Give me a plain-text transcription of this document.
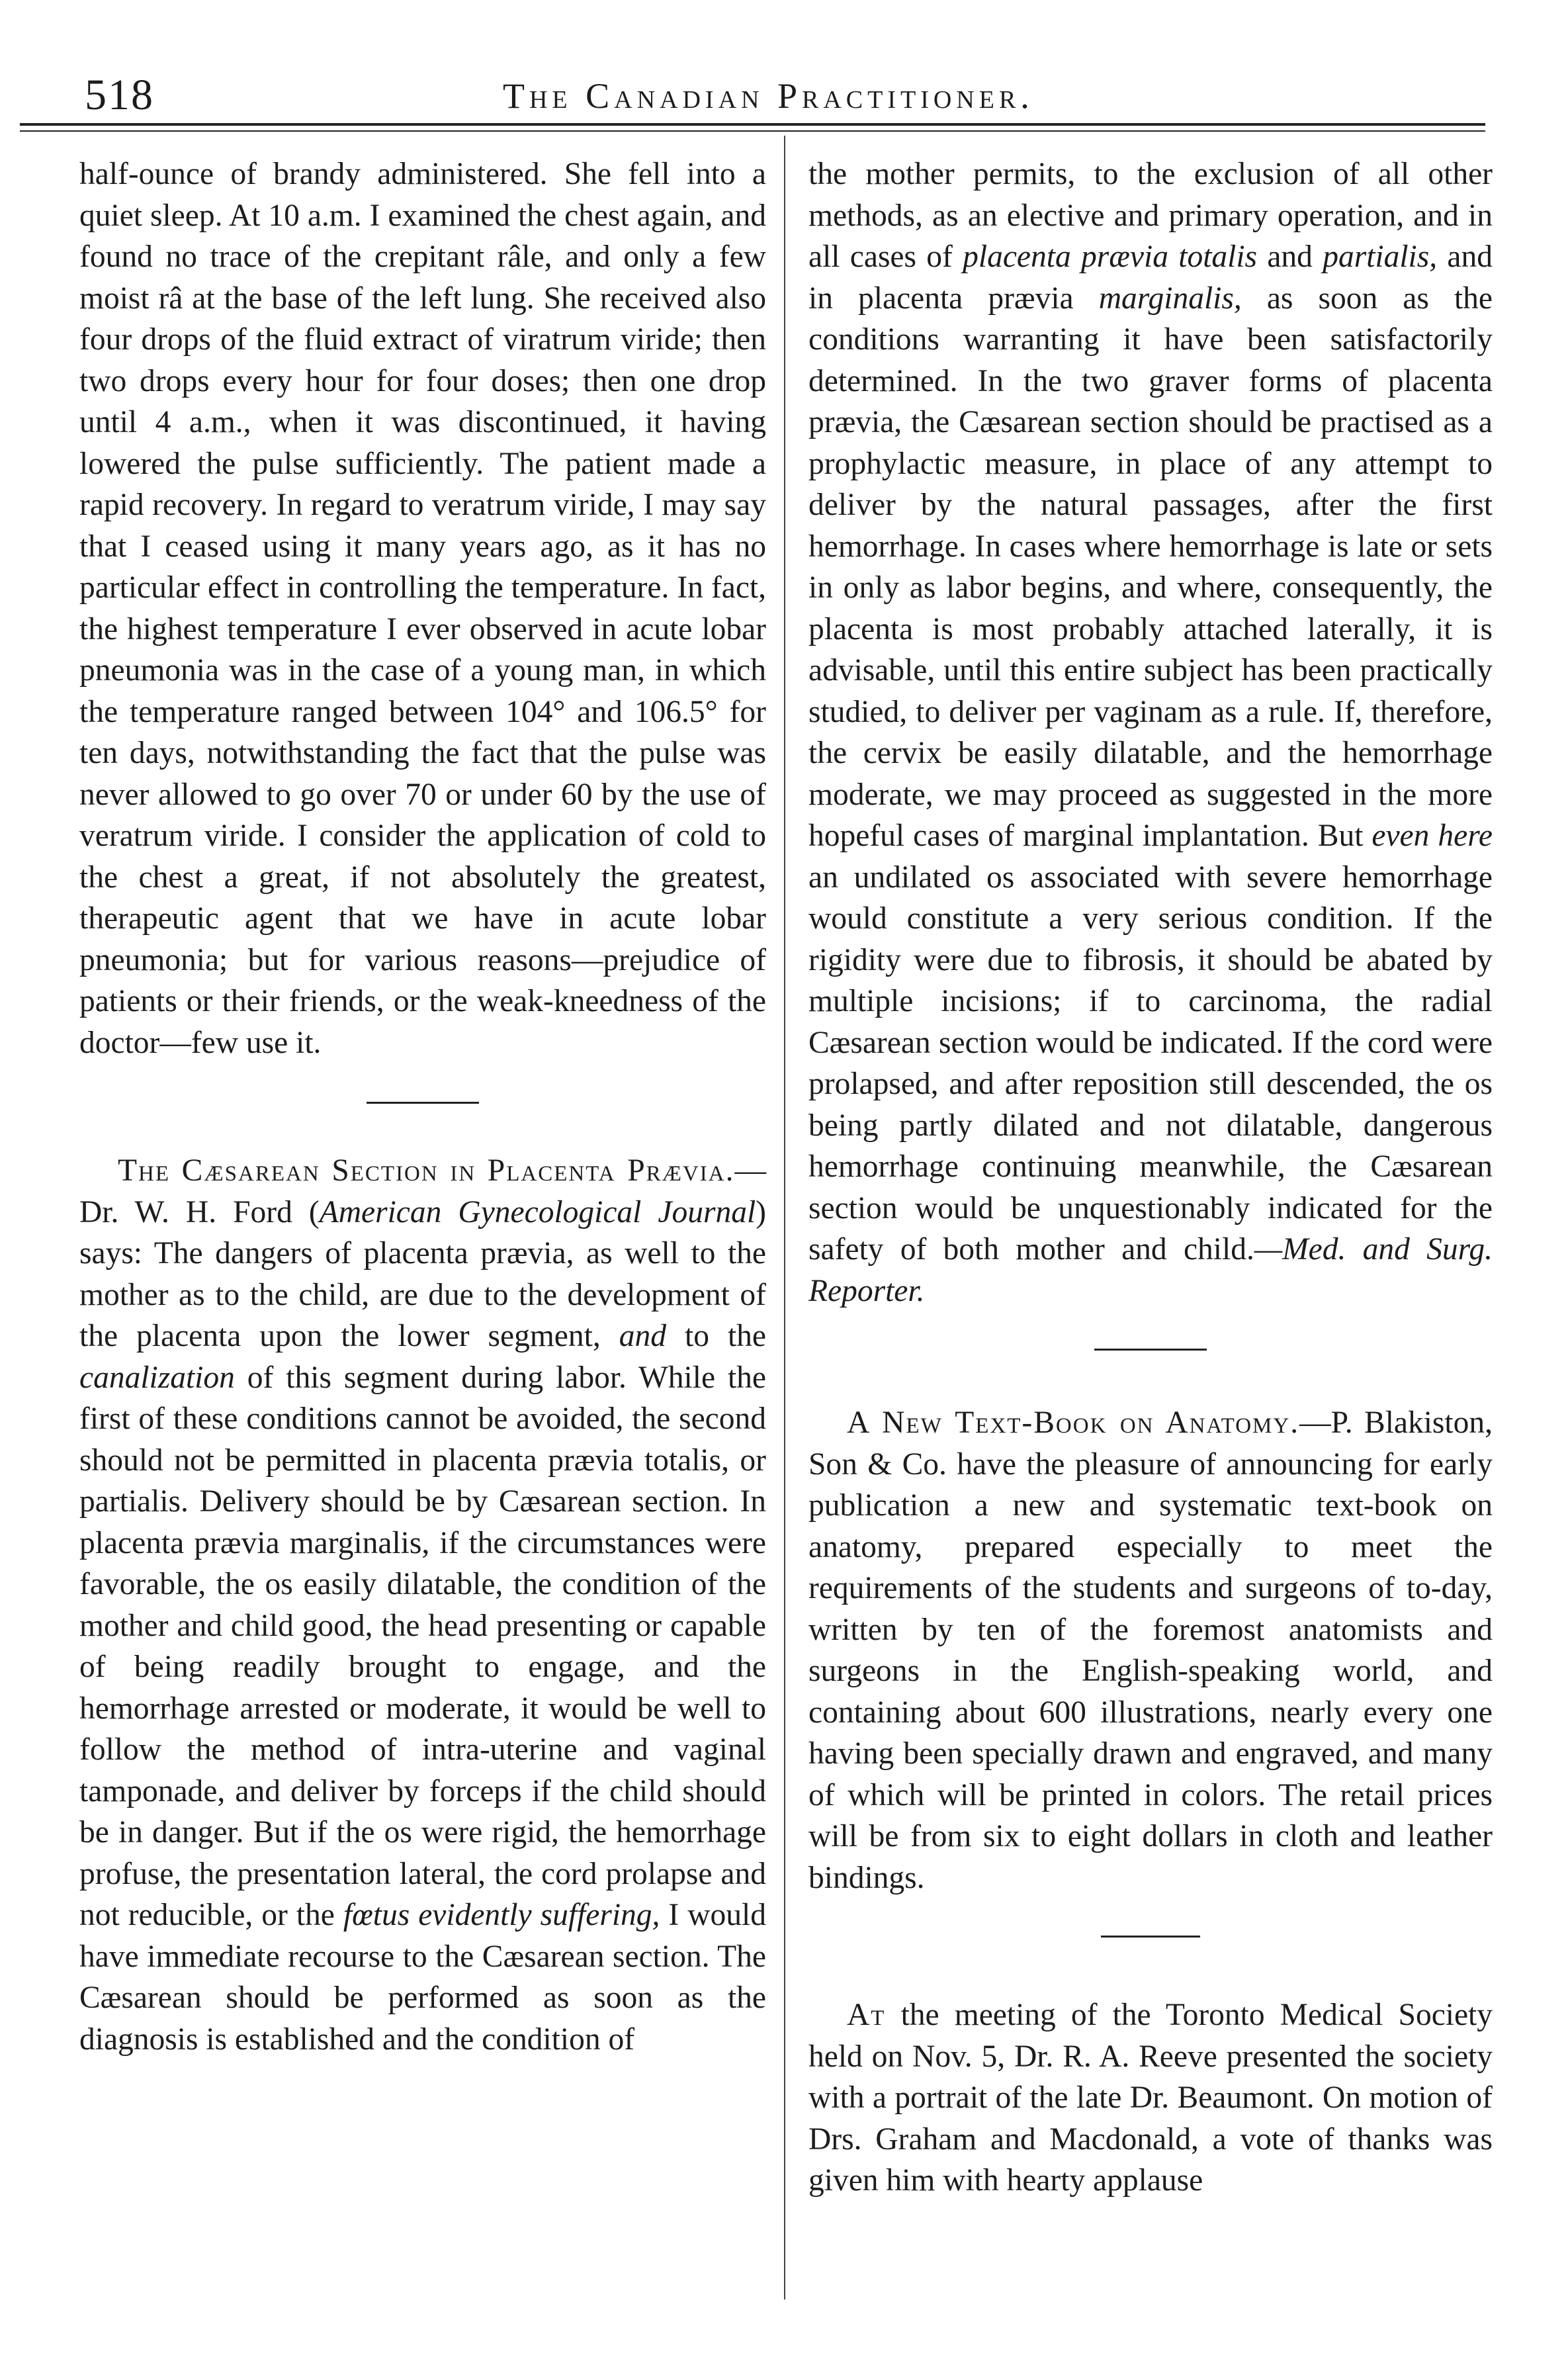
518	The Canadian Practitioner.

half-ounce of brandy administered. She fell into a quiet sleep. At 10 a.m. I examined the chest again, and found no trace of the crepitant râle, and only a few moist râ at the base of the left lung. She received also four drops of the fluid extract of viratrum viride; then two drops every hour for four doses; then one drop until 4 a.m., when it was discontinued, it having lowered the pulse sufficiently. The patient made a rapid recovery. In regard to veratrum viride, I may say that I ceased using it many years ago, as it has no particular effect in controlling the temperature. In fact, the highest temperature I ever observed in acute lobar pneumonia was in the case of a young man, in which the temperature ranged between 104° and 106.5° for ten days, notwithstanding the fact that the pulse was never allowed to go over 70 or under 60 by the use of veratrum viride. I consider the application of cold to the chest a great, if not absolutely the greatest, therapeutic agent that we have in acute lobar pneumonia; but for various reasons—prejudice of patients or their friends, or the weak-kneedness of the doctor—few use it.

The Cæsarean Section in Placenta Prævia.—Dr. W. H. Ford (American Gynecological Journal) says: The dangers of placenta prævia, as well to the mother as to the child, are due to the development of the placenta upon the lower segment, and to the canalization of this segment during labor. While the first of these conditions cannot be avoided, the second should not be permitted in placenta prævia totalis, or partialis. Delivery should be by Cæsarean section. In placenta prævia marginalis, if the circumstances were favorable, the os easily dilatable, the condition of the mother and child good, the head presenting or capable of being readily brought to engage, and the hemorrhage arrested or moderate, it would be well to follow the method of intra-uterine and vaginal tamponade, and deliver by forceps if the child should be in danger. But if the os were rigid, the hemorrhage profuse, the presentation lateral, the cord prolapse and not reducible, or the fœtus evidently suffering, I would have immediate recourse to the Cæsarean section. The Cæsarean should be performed as soon as the diagnosis is established and the condition of

the mother permits, to the exclusion of all other methods, as an elective and primary operation, and in all cases of placenta prævia totalis and partialis, and in placenta prævia marginalis, as soon as the conditions warranting it have been satisfactorily determined. In the two graver forms of placenta prævia, the Cæsarean section should be practised as a prophylactic measure, in place of any attempt to deliver by the natural passages, after the first hemorrhage. In cases where hemorrhage is late or sets in only as labor begins, and where, consequently, the placenta is most probably attached laterally, it is advisable, until this entire subject has been practically studied, to deliver per vaginam as a rule. If, therefore, the cervix be easily dilatable, and the hemorrhage moderate, we may proceed as suggested in the more hopeful cases of marginal implantation. But even here an undilated os associated with severe hemorrhage would constitute a very serious condition. If the rigidity were due to fibrosis, it should be abated by multiple incisions; if to carcinoma, the radial Cæsarean section would be indicated. If the cord were prolapsed, and after reposition still descended, the os being partly dilated and not dilatable, dangerous hemorrhage continuing meanwhile, the Cæsarean section would be unquestionably indicated for the safety of both mother and child.—Med. and Surg. Reporter.

A New Text-Book on Anatomy.—P. Blakiston, Son & Co. have the pleasure of announcing for early publication a new and systematic text-book on anatomy, prepared especially to meet the requirements of the students and surgeons of to-day, written by ten of the foremost anatomists and surgeons in the English-speaking world, and containing about 600 illustrations, nearly every one having been specially drawn and engraved, and many of which will be printed in colors. The retail prices will be from six to eight dollars in cloth and leather bindings.

At the meeting of the Toronto Medical Society held on Nov. 5, Dr. R. A. Reeve presented the society with a portrait of the late Dr. Beaumont. On motion of Drs. Graham and Macdonald, a vote of thanks was given him with hearty applause
